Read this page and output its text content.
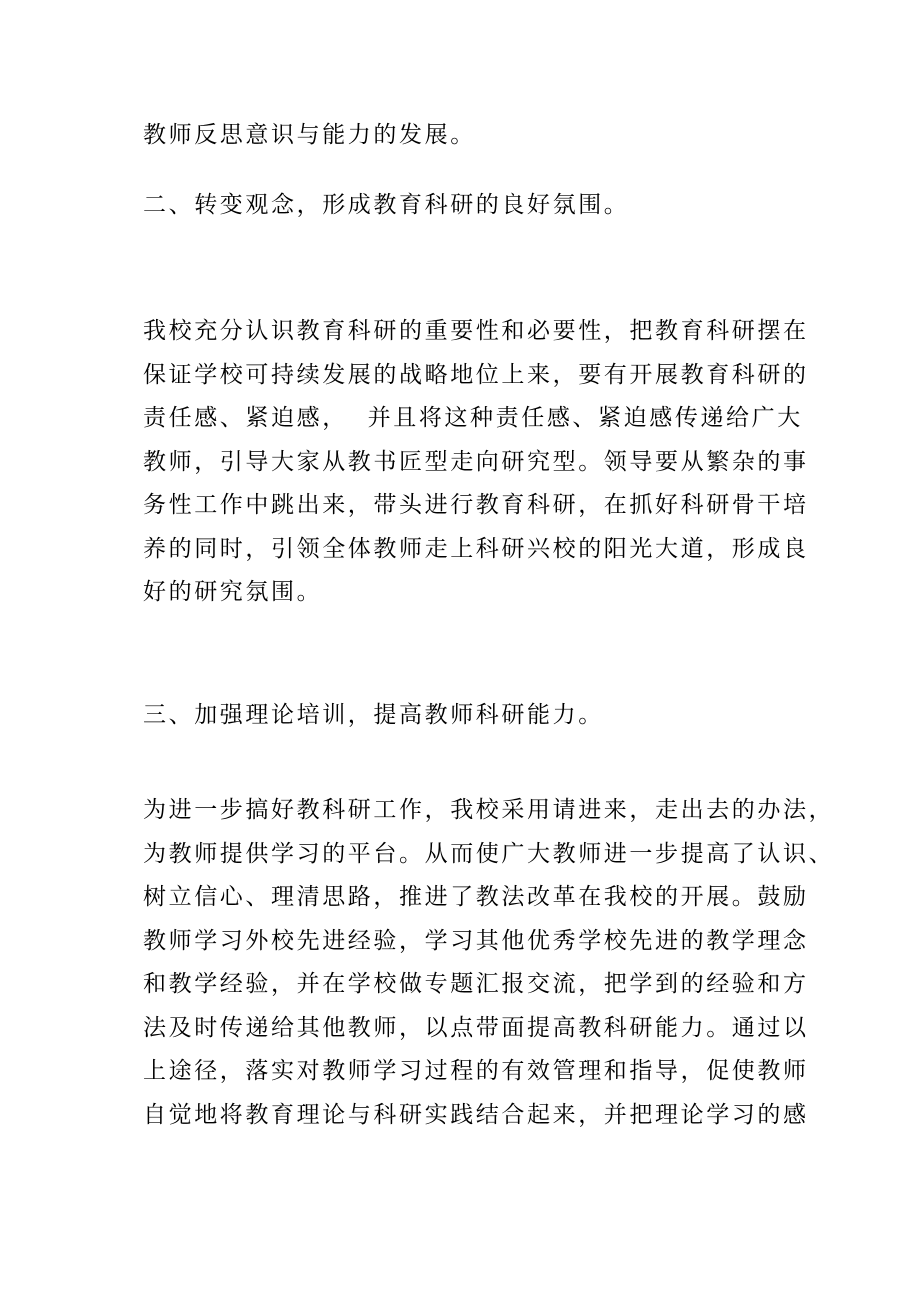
教师反思意识与能力的发展。

二、转变观念，形成教育科研的良好氛围。

我校充分认识教育科研的重要性和必要性，把教育科研摆在
保证学校可持续发展的战略地位上来，要有开展教育科研的
责任感、紧迫感，  并且将这种责任感、紧迫感传递给广大
教师，引导大家从教书匠型走向研究型。领导要从繁杂的事
务性工作中跳出来，带头进行教育科研，在抓好科研骨干培
养的同时，引领全体教师走上科研兴校的阳光大道，形成良
好的研究氛围。

三、加强理论培训，提高教师科研能力。

为进一步搞好教科研工作，我校采用请进来，走出去的办法，
为教师提供学习的平台。从而使广大教师进一步提高了认识、
树立信心、理清思路，推进了教法改革在我校的开展。鼓励
教师学习外校先进经验，学习其他优秀学校先进的教学理念
和教学经验，并在学校做专题汇报交流，把学到的经验和方
法及时传递给其他教师，以点带面提高教科研能力。通过以
上途径，落实对教师学习过程的有效管理和指导，促使教师
自觉地将教育理论与科研实践结合起来，并把理论学习的感
